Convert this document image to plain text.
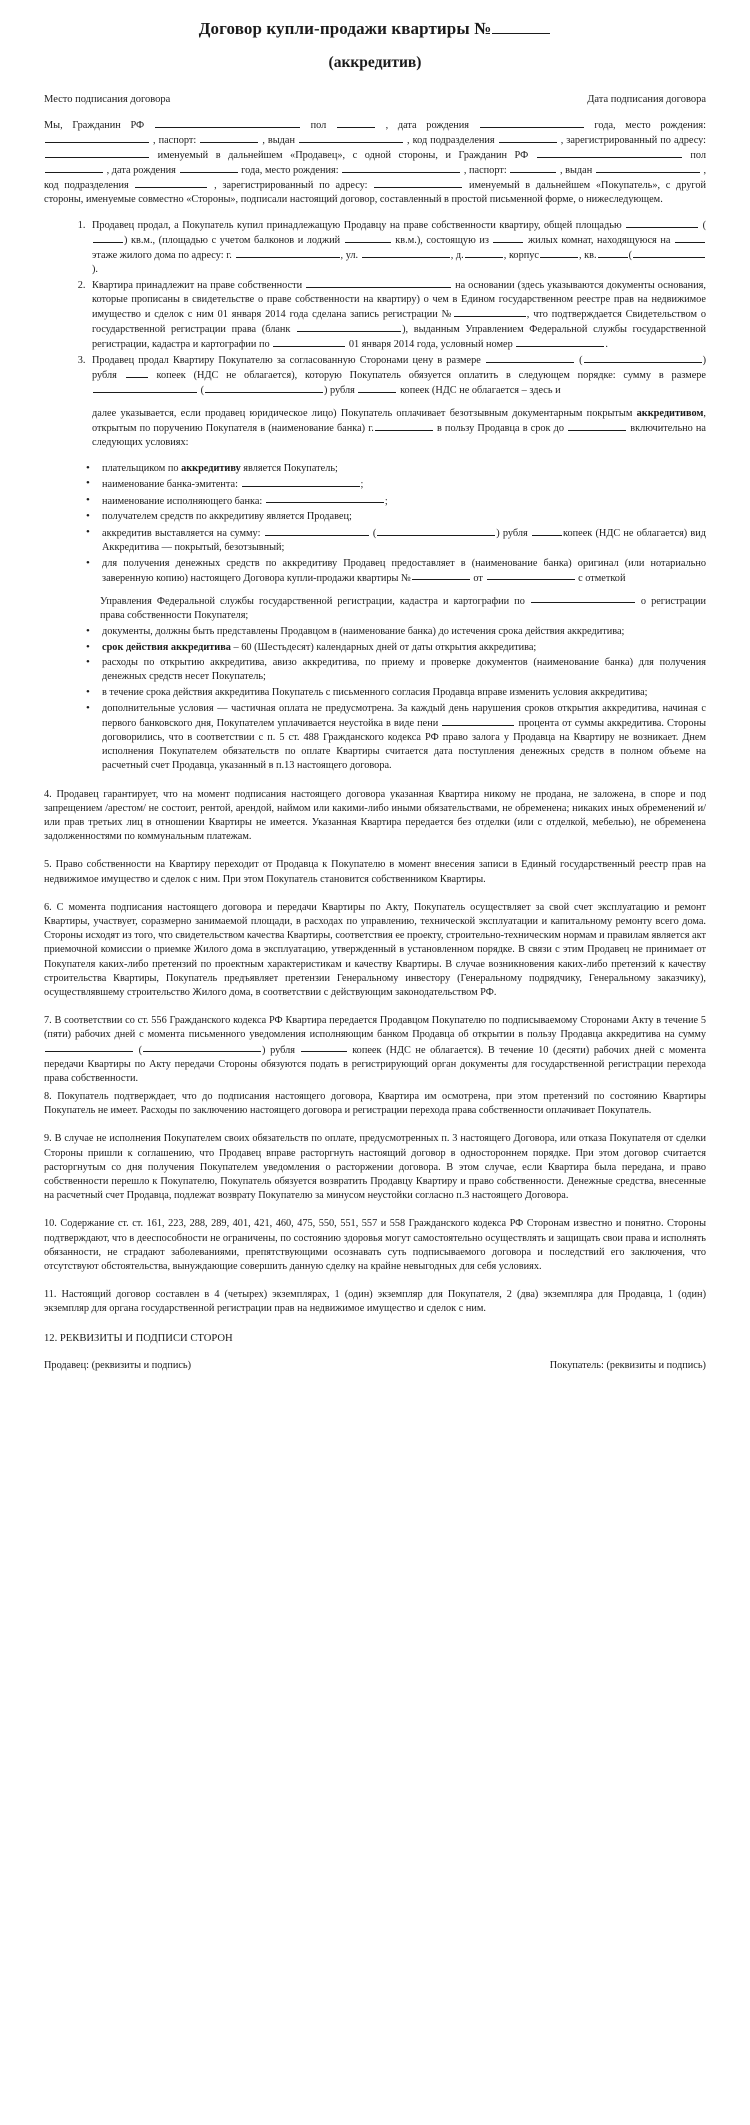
Договор купли-продажи квартиры №
(аккредитив)
Место подписания договора	Дата подписания договора

Мы, Гражданин РФ	пол	, дата рождения	года, место рождения:  , паспорт:	, выдан	, код подразделения	, зарегистрированный по адресу:  именуемый в дальнейшем «Продавец», с одной стороны, и Гражданин РФ	пол  , дата рождения	года, место рождения:	, паспорт:	, выдан	, код подразделения	, зарегистрированный по адресу:	именуемый в дальнейшем «Покупатель», с другой стороны, именуемые совместно «Стороны», подписали настоящий договор, составленный в простой письменной форме, о нижеследующем.

1. Продавец продал, а Покупатель купил принадлежащую Продавцу на праве собственности квартиру, общей площадью	() кв.м., (площадью с учетом балконов и лоджий	кв.м.), состоящую из	жилых комнат, находящуюся на  этаже жилого дома по адресу: г.	, ул.	, д.	, корпус	, кв.	().
2. Квартира принадлежит на праве собственности	на основании (здесь указываются документы основания, которые прописаны в свидетельстве о праве собственности на квартиру) о чем в Едином государственном реестре прав на недвижимое имущество и сделок с ним 01 января 2014 года сделана запись регистрации №	, что подтверждается Свидетельством о государственной регистрации права (бланк	), выданным Управлением Федеральной службы государственной регистрации, кадастра и картографии по	01 января 2014 года, условный номер	.
3. Продавец продал Квартиру Покупателю за согласованную Сторонами цену в размере	(	) рубля	копеек (НДС не облагается), которую Покупатель обязуется оплатить в следующем порядке: сумму в размере  (	) рубля	копеек (НДС не облагается – здесь и
далее указывается, если продавец юридическое лицо) Покупатель оплачивает безотзывным документарным покрытым аккредитивом, открытым по поручению Покупателя в (наименование банка) г.	в пользу Продавца в срок до	включительно на следующих условиях:
• плательщиком по аккредитиву является Покупатель;
• наименование банка-эмитента:	;
• наименование исполняющего банка:	;
• получателем средств по аккредитиву является Продавец;
• аккредитив выставляется на сумму:	(	) рубля	копеек (НДС не облагается) вид Аккредитива — покрытый, безотзывный;
• для получения денежных средств по аккредитиву Продавец предоставляет в (наименование банка) оригинал (или нотариально заверенную копию) настоящего Договора купли-продажи квартиры №	от	с отметкой
Управления Федеральной службы государственной регистрации, кадастра и картографии по	о регистрации права собственности Покупателя;
• документы, должны быть представлены Продавцом в (наименование банка) до истечения срока действия аккредитива;
• срок действия аккредитива – 60 (Шестьдесят) календарных дней от даты открытия аккредитива;
• расходы по открытию аккредитива, авизо аккредитива, по приему и проверке документов (наименование банка) для получения денежных средств несет Покупатель;
• в течение срока действия аккредитива Покупатель с письменного согласия Продавца вправе изменить условия аккредитива;
• дополнительные условия — частичная оплата не предусмотрена. За каждый день нарушения сроков открытия аккредитива, начиная с первого банковского дня, Покупателем уплачивается неустойка в виде пени	процента от суммы аккредитива. Стороны договорились, что в соответствии с п. 5 ст. 488 Гражданского кодекса РФ право залога у Продавца на Квартиру не возникает. Днем исполнения Покупателем обязательств по оплате Квартиры считается дата поступления денежных средств в полном объеме на расчетный счет Продавца, указанный в п.13 настоящего договора.

4. Продавец гарантирует, что на момент подписания настоящего договора указанная Квартира никому не продана, не заложена, в споре и под запрещением /арестом/ не состоит, рентой, арендой, наймом или какими-либо иными обязательствами, не обременена; никаких иных обременений и/или прав третьих лиц в отношении Квартиры не имеется. Указанная Квартира передается без отделки (или с отделкой, мебелью), не обременена задолженностями по коммунальным платежам.

5. Право собственности на Квартиру переходит от Продавца к Покупателю в момент внесения записи в Единый государственный реестр прав на недвижимое имущество и сделок с ним. При этом Покупатель становится собственником Квартиры.

6. С момента подписания настоящего договора и передачи Квартиры по Акту, Покупатель осуществляет за свой счет эксплуатацию и ремонт Квартиры, участвует, соразмерно занимаемой площади, в расходах по управлению, технической эксплуатации и капитальному ремонту всего дома. Стороны исходят из того, что свидетельством качества Квартиры, соответствия ее проекту, строительно-техническим нормам и правилам является акт приемочной комиссии о приемке Жилого дома в эксплуатацию, утвержденный в установленном порядке. В связи с этим Продавец не принимает от Покупателя каких-либо претензий по проектным характеристикам и качеству Квартиры. В случае возникновения каких-либо претензий к качеству строительства Квартиры, Покупатель предъявляет претензии Генеральному инвестору (Генеральному подрядчику, Генеральному заказчику), осуществлявшему строительство Жилого дома, в соответствии с действующим законодательством РФ.

7. В соответствии со ст. 556 Гражданского кодекса РФ Квартира передается Продавцом Покупателю по подписываемому Сторонами Акту в течение 5 (пяти) рабочих дней с момента письменного уведомления исполняющим банком Продавца об открытии в пользу Продавца аккредитива на сумму  (	) рубля	копеек (НДС не облагается). В течение 10 (десяти) рабочих дней с момента передачи Квартиры по Акту передачи Стороны обязуются подать в регистрирующий орган документы для государственной регистрации перехода права собственности.

8. Покупатель подтверждает, что до подписания настоящего договора, Квартира им осмотрена, при этом претензий по состоянию Квартиры Покупатель не имеет. Расходы по заключению настоящего договора и регистрации перехода права собственности оплачивает Покупатель.

9. В случае не исполнения Покупателем своих обязательств по оплате, предусмотренных п. 3 настоящего Договора, или отказа Покупателя от сделки Стороны пришли к соглашению, что Продавец вправе расторгнуть настоящий договор в одностороннем порядке. При этом договор считается расторгнутым со дня получения Покупателем уведомления о расторжении договора. В этом случае, если Квартира была передана, и право собственности перешло к Покупателю, Покупатель обязуется возвратить Продавцу Квартиру и право собственности. Денежные средства, внесенные на расчетный счет Продавца, подлежат возврату Покупателю за минусом неустойки согласно п.3 настоящего Договора.

10. Содержание ст. ст. 161, 223, 288, 289, 401, 421, 460, 475, 550, 551, 557 и 558 Гражданского кодекса РФ Сторонам известно и понятно. Стороны подтверждают, что в дееспособности не ограничены, по состоянию здоровья могут самостоятельно осуществлять и защищать свои права и исполнять обязанности, не страдают заболеваниями, препятствующими осознавать суть подписываемого договора и последствий его заключения, что отсутствуют обстоятельства, вынуждающие совершить данную сделку на крайне невыгодных для себя условиях.

11. Настоящий договор составлен в 4 (четырех) экземплярах, 1 (один) экземпляр для Покупателя, 2 (два) экземпляра для Продавца, 1 (один) экземпляр для органа государственной регистрации прав на недвижимое имущество и сделок с ним.

12. РЕКВИЗИТЫ И ПОДПИСИ СТОРОН

Продавец: (реквизиты и подпись)	Покупатель: (реквизиты и подпись)
